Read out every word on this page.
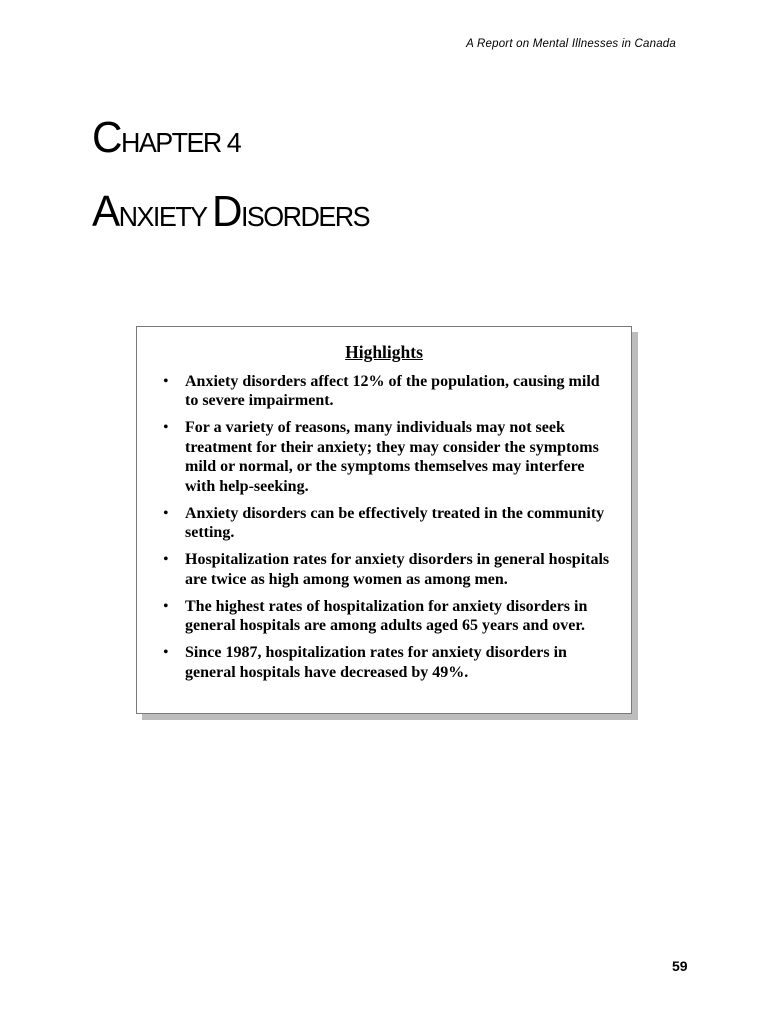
A Report on Mental Illnesses in Canada
CHAPTER 4
ANXIETY DISORDERS
Highlights
• Anxiety disorders affect 12% of the population, causing mild to severe impairment.
• For a variety of reasons, many individuals may not seek treatment for their anxiety; they may consider the symptoms mild or normal, or the symptoms themselves may interfere with help-seeking.
• Anxiety disorders can be effectively treated in the community setting.
• Hospitalization rates for anxiety disorders in general hospitals are twice as high among women as among men.
• The highest rates of hospitalization for anxiety disorders in general hospitals are among adults aged 65 years and over.
• Since 1987, hospitalization rates for anxiety disorders in general hospitals have decreased by 49%.
59
